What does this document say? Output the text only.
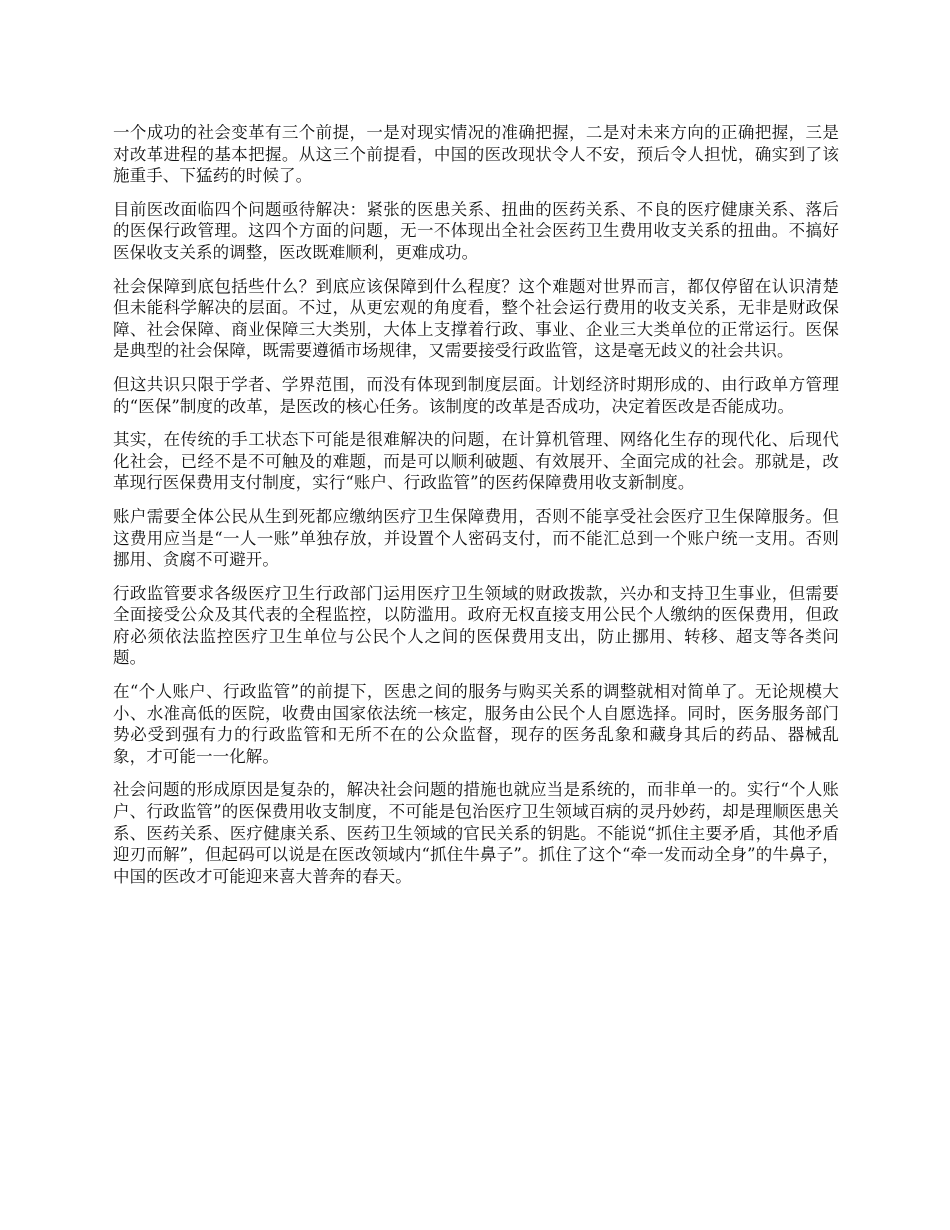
一个成功的社会变革有三个前提，一是对现实情况的准确把握，二是对未来方向的正确把握，三是对改革进程的基本把握。从这三个前提看，中国的医改现状令人不安，预后令人担忧，确实到了该施重手、下猛药的时候了。

目前医改面临四个问题亟待解决：紧张的医患关系、扭曲的医药关系、不良的医疗健康关系、落后的医保行政管理。这四个方面的问题，无一不体现出全社会医药卫生费用收支关系的扭曲。不搞好医保收支关系的调整，医改既难顺利，更难成功。

社会保障到底包括些什么？到底应该保障到什么程度？这个难题对世界而言，都仅停留在认识清楚但未能科学解决的层面。不过，从更宏观的角度看，整个社会运行费用的收支关系，无非是财政保障、社会保障、商业保障三大类别，大体上支撑着行政、事业、企业三大类单位的正常运行。医保是典型的社会保障，既需要遵循市场规律，又需要接受行政监管，这是毫无歧义的社会共识。

但这共识只限于学者、学界范围，而没有体现到制度层面。计划经济时期形成的、由行政单方管理的“医保”制度的改革，是医改的核心任务。该制度的改革是否成功，决定着医改是否能成功。

其实，在传统的手工状态下可能是很难解决的问题，在计算机管理、网络化生存的现代化、后现代化社会，已经不是不可触及的难题，而是可以顺利破题、有效展开、全面完成的社会。那就是，改革现行医保费用支付制度，实行“账户、行政监管”的医药保障费用收支新制度。

账户需要全体公民从生到死都应缴纳医疗卫生保障费用，否则不能享受社会医疗卫生保障服务。但这费用应当是“一人一账”单独存放，并设置个人密码支付，而不能汇总到一个账户统一支用。否则挪用、贪腐不可避开。

行政监管要求各级医疗卫生行政部门运用医疗卫生领域的财政拨款，兴办和支持卫生事业，但需要全面接受公众及其代表的全程监控，以防滥用。政府无权直接支用公民个人缴纳的医保费用，但政府必须依法监控医疗卫生单位与公民个人之间的医保费用支出，防止挪用、转移、超支等各类问题。

在“个人账户、行政监管”的前提下，医患之间的服务与购买关系的调整就相对简单了。无论规模大小、水准高低的医院，收费由国家依法统一核定，服务由公民个人自愿选择。同时，医务服务部门势必受到强有力的行政监管和无所不在的公众监督，现存的医务乱象和藏身其后的药品、器械乱象，才可能一一化解。

社会问题的形成原因是复杂的，解决社会问题的措施也就应当是系统的，而非单一的。实行“个人账户、行政监管”的医保费用收支制度，不可能是包治医疗卫生领域百病的灵丹妙药，却是理顺医患关系、医药关系、医疗健康关系、医药卫生领域的官民关系的钥匙。不能说“抓住主要矛盾，其他矛盾迎刃而解”，但起码可以说是在医改领域内“抓住牛鼻子”。抓住了这个“牵一发而动全身”的牛鼻子，中国的医改才可能迎来喜大普奔的春天。
